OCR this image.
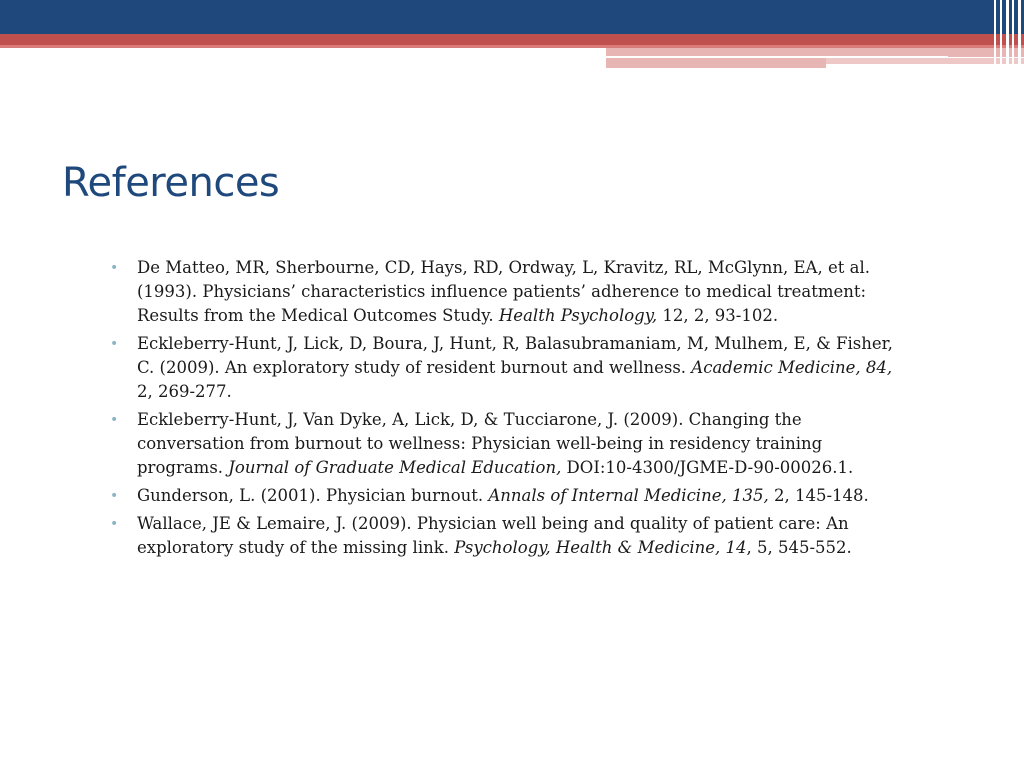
References
• De Matteo, MR, Sherbourne, CD, Hays, RD, Ordway, L, Kravitz, RL, McGlynn, EA, et al. (1993). Physicians’ characteristics influence patients’ adherence to medical treatment: Results from the Medical Outcomes Study. Health Psychology, 12, 2, 93-102.
• Eckleberry-Hunt, J, Lick, D, Boura, J, Hunt, R, Balasubramaniam, M, Mulhem, E, & Fisher, C. (2009). An exploratory study of resident burnout and wellness. Academic Medicine, 84, 2, 269-277.
• Eckleberry-Hunt, J, Van Dyke, A, Lick, D, & Tucciarone, J. (2009). Changing the conversation from burnout to wellness: Physician well-being in residency training programs. Journal of Graduate Medical Education, DOI:10-4300/JGME-D-90-00026.1.
• Gunderson, L. (2001). Physician burnout. Annals of Internal Medicine, 135, 2, 145-148.
• Wallace, JE & Lemaire, J. (2009). Physician well being and quality of patient care: An exploratory study of the missing link. Psychology, Health & Medicine, 14, 5, 545-552.
